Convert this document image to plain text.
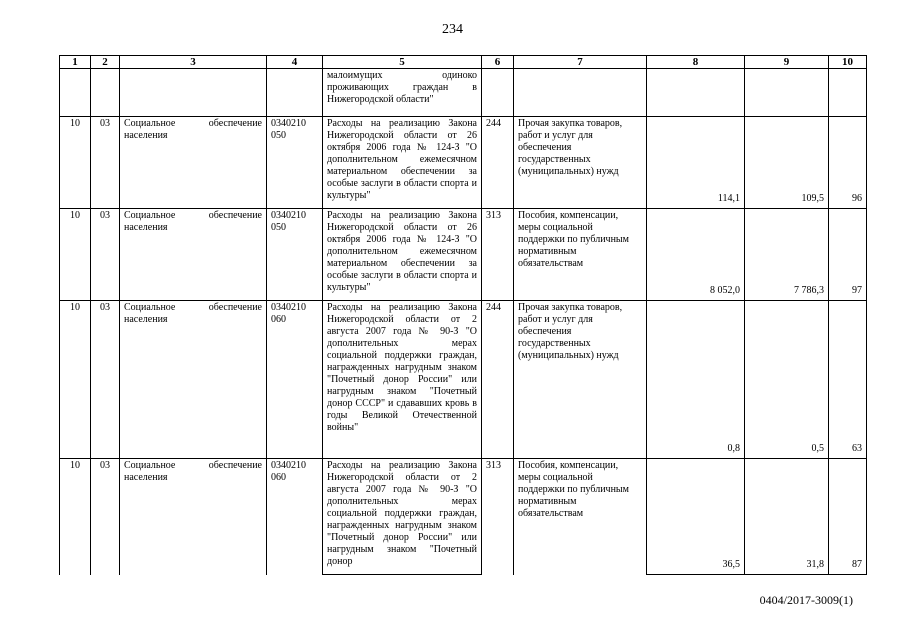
234
1	2	3	4	5	6	7	8	9	10
				малоимущих одиноко проживающих граждан в Нижегородской области"					
10	03	Социальное обеспечение населения	0340210 050	Расходы на реализацию Закона Нижегородской области от 26 октября 2006 года № 124-З "О дополнительном ежемесячном материальном обеспечении за особые заслуги в области спорта и культуры"	244	Прочая закупка товаров, работ и услуг для обеспечения государственных (муниципальных) нужд	114,1	109,5	96
10	03	Социальное обеспечение населения	0340210 050	Расходы на реализацию Закона Нижегородской области от 26 октября 2006 года № 124-З "О дополнительном ежемесячном материальном обеспечении за особые заслуги в области спорта и культуры"	313	Пособия, компенсации, меры социальной поддержки по публичным нормативным обязательствам	8 052,0	7 786,3	97
10	03	Социальное обеспечение населения	0340210 060	Расходы на реализацию Закона Нижегородской области от 2 августа 2007 года № 90-З "О дополнительных мерах социальной поддержки граждан, награжденных нагрудным знаком "Почетный донор России" или нагрудным знаком "Почетный донор СССР" и сдававших кровь в годы Великой Отечественной войны"	244	Прочая закупка товаров, работ и услуг для обеспечения государственных (муниципальных) нужд	0,8	0,5	63
10	03	Социальное обеспечение населения	0340210 060	Расходы на реализацию Закона Нижегородской области от 2 августа 2007 года № 90-З "О дополнительных мерах социальной поддержки граждан, награжденных нагрудным знаком "Почетный донор России" или нагрудным знаком "Почетный донор	313	Пособия, компенсации, меры социальной поддержки по публичным нормативным обязательствам	36,5	31,8	87
0404/2017-3009(1)
